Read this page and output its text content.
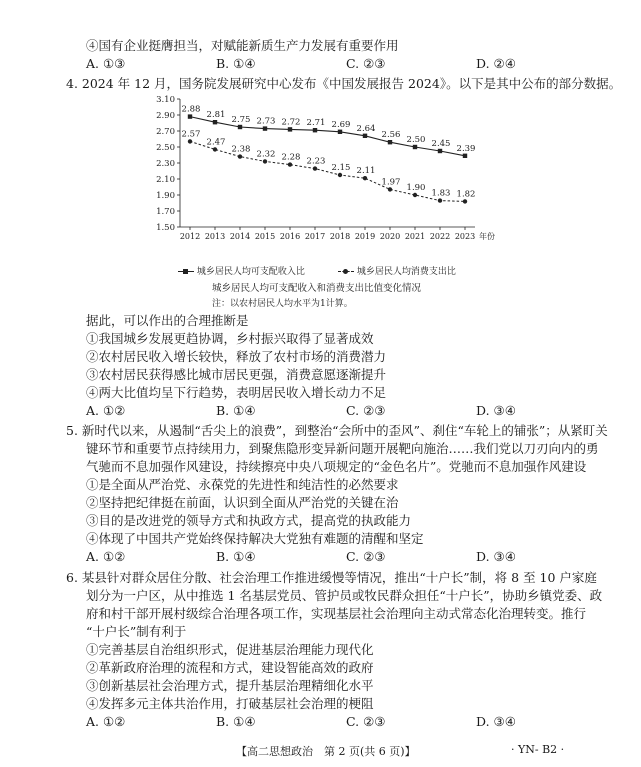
④国有企业挺膺担当，对赋能新质生产力发展有重要作用
A. ①③	B. ①④	C. ②③	D. ②④
4. 2024 年 12 月，国务院发展研究中心发布《中国发展报告 2024》。以下是其中公布的部分数据。
3.10
2.90
2.70
2.50
2.30
2.10
1.90
1.70
1.50
2012 2013 2014 2015 2016 2017 2018 2019 2020 2021 2022 2023 年份
2.88
2.81 2.75 2.73 2.72 2.71 2.69 2.64
2.56 2.50 2.45 2.39
2.57
2.47
2.38 2.32 2.28 2.23
2.15 2.11
1.97
1.90
1.83 1.82
城乡居民人均可支配收入比	城乡居民人均消费支出比
城乡居民人均可支配收入和消费支出比值变化情况
注：以农村居民人均水平为1计算。
据此，可以作出的合理推断是
①我国城乡发展更趋协调，乡村振兴取得了显著成效
②农村居民收入增长较快，释放了农村市场的消费潜力
③农村居民获得感比城市居民更强，消费意愿逐渐提升
④两大比值均呈下行趋势，表明居民收入增长动力不足
A. ①②	B. ①④	C. ②③	D. ③④
5. 新时代以来，从遏制“舌尖上的浪费”，到整治“会所中的歪风”、刹住“车轮上的铺张”；从紧盯关
键环节和重要节点持续用力，到聚焦隐形变异新问题开展靶向施治……我们党以刀刃向内的勇
气驰而不息加强作风建设，持续擦亮中央八项规定的“金色名片”。党驰而不息加强作风建设
①是全面从严治党、永葆党的先进性和纯洁性的必然要求
②坚持把纪律挺在前面，认识到全面从严治党的关键在治
③目的是改进党的领导方式和执政方式，提高党的执政能力
④体现了中国共产党始终保持解决大党独有难题的清醒和坚定
A. ①②	B. ①④	C. ②③	D. ③④
6. 某县针对群众居住分散、社会治理工作推进缓慢等情况，推出“十户长”制，将 8 至 10 户家庭
划分为一户区，从中推选 1 名基层党员、管护员或牧民群众担任“十户长”，协助乡镇党委、政
府和村干部开展村级综合治理各项工作，实现基层社会治理向主动式常态化治理转变。推行
“十户长”制有利于
①完善基层自治组织形式，促进基层治理能力现代化
②革新政府治理的流程和方式，建设智能高效的政府
③创新基层社会治理方式，提升基层治理精细化水平
④发挥多元主体共治作用，打破基层社会治理的梗阻
A. ①②	B. ①④	C. ②③	D. ③④
【高二思想政治　第 2 页(共 6 页)】	· YN- B2 ·
